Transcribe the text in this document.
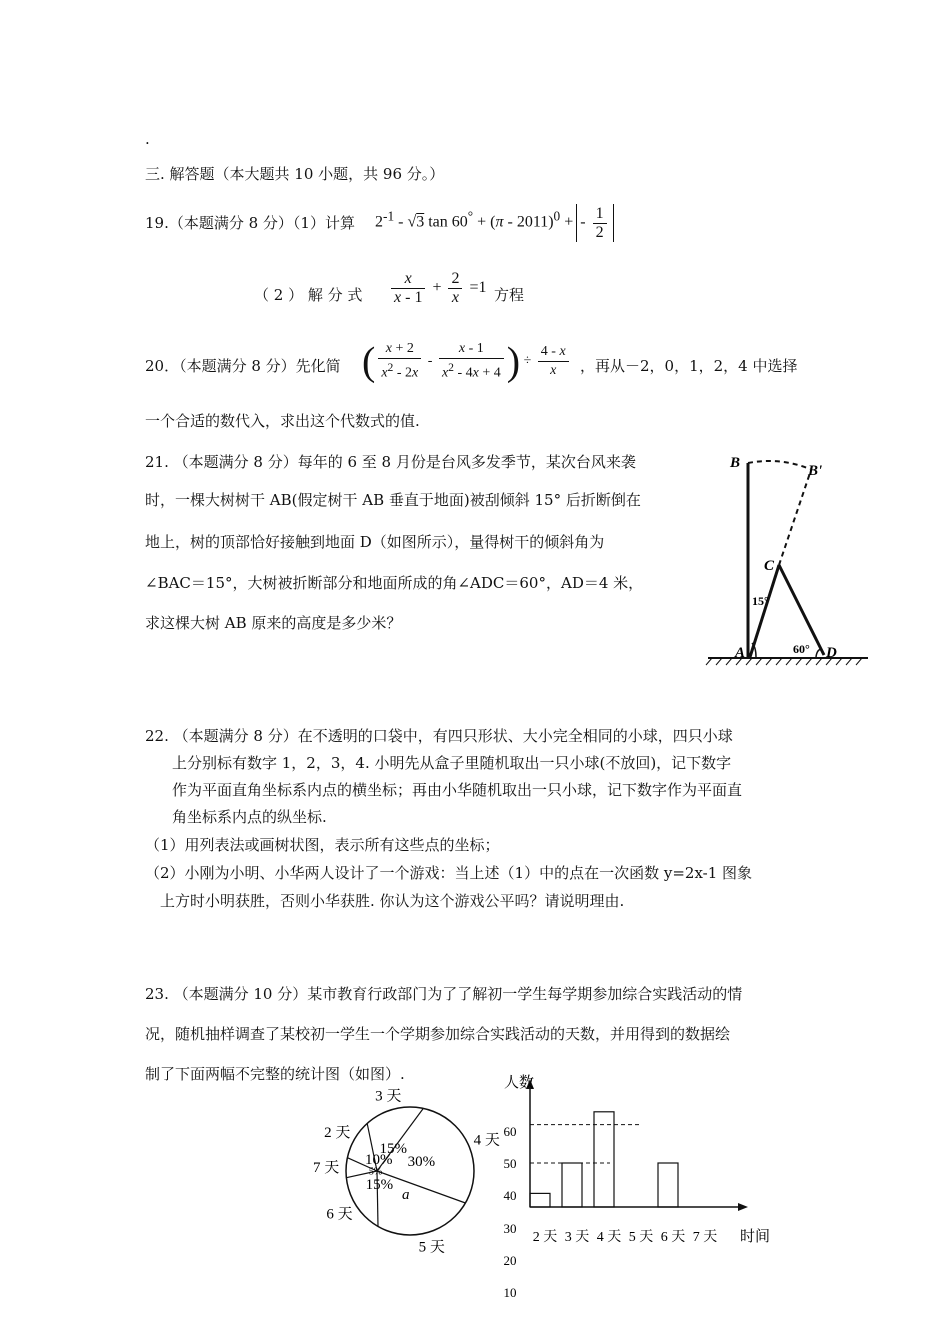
.
三. 解答题（本大题共 10 小题，共 96 分。）
19.（本题满分 8 分）（1）计算 $2^{-1} - √3$ tan 60° + (π - 2011)$^0$ + - $\frac{1}{2}$
（ 2 ） 解 分 式 $\frac{x}{x - 1} + \frac{2}{x} =1$ 方程
20．（本题满分 8 分）先化简 ( $\frac{x + 2}{x^2 - 2x} - \frac{x - 1}{x^2 - 4x + 4}$ ) ÷ $\frac{4 - x}{x}$ ，再从－2，0，1，2，4 中选择
一个合适的数代入，求出这个代数式的值.
21. （本题满分 8 分）每年的 6 至 8 月份是台风多发季节，某次台风来袭
时，一棵大树树干 AB(假定树干 AB 垂直于地面)被刮倾斜 15° 后折断倒在
地上，树的顶部恰好接触到地面 D（如图所示），量得树干的倾斜角为
∠BAC＝15°，大树被折断部分和地面所成的角∠ADC＝60°，AD＝4 米，
求这棵大树 AB 原来的高度是多少米？
B	B'
C
A	D
15°
60°
22. （本题满分 8 分）在不透明的口袋中，有四只形状、大小完全相同的小球，四只小球
上分别标有数字 1，2，3，4. 小明先从盒子里随机取出一只小球(不放回)，记下数字
作为平面直角坐标系内点的横坐标；再由小华随机取出一只小球，记下数字作为平面直
角坐标系内点的纵坐标.
（1）用列表法或画树状图，表示所有这些点的坐标；
（2）小刚为小明、小华两人设计了一个游戏：当上述（1）中的点在一次函数 y=2x-1 图象
上方时小明获胜，否则小华获胜. 你认为这个游戏公平吗？请说明理由.
23. （本题满分 10 分）某市教育行政部门为了了解初一学生每学期参加综合实践活动的情
况，随机抽样调查了某校初一学生一个学期参加综合实践活动的天数，并用得到的数据绘
制了下面两幅不完整的统计图（如图）.
30%
4 天
a
5 天
15%
6 天
5%
7 天 10%
2 天
15%
3 天
60
50
40
30
20
10
2 天 3 天 4 天 5 天 6 天 7 天
人数
时间
